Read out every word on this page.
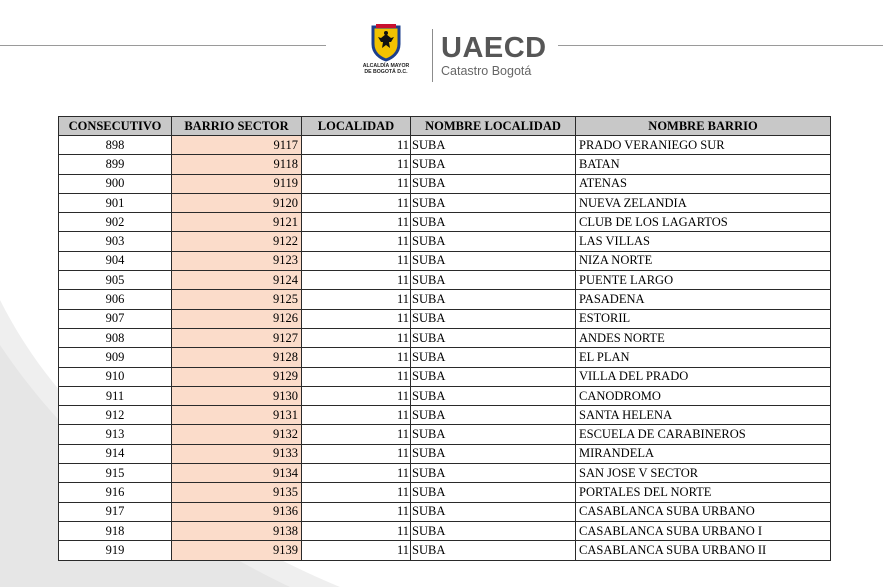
ALCALDÍA MAYOR
DE BOGOTÁ D.C.
UAECD
Catastro Bogotá
CONSECUTIVO	BARRIO SECTOR	LOCALIDAD	NOMBRE LOCALIDAD	NOMBRE BARRIO
898	9117	11	SUBA	PRADO VERANIEGO SUR
899	9118	11	SUBA	BATAN
900	9119	11	SUBA	ATENAS
901	9120	11	SUBA	NUEVA ZELANDIA
902	9121	11	SUBA	CLUB DE LOS LAGARTOS
903	9122	11	SUBA	LAS VILLAS
904	9123	11	SUBA	NIZA NORTE
905	9124	11	SUBA	PUENTE LARGO
906	9125	11	SUBA	PASADENA
907	9126	11	SUBA	ESTORIL
908	9127	11	SUBA	ANDES NORTE
909	9128	11	SUBA	EL PLAN
910	9129	11	SUBA	VILLA DEL PRADO
911	9130	11	SUBA	CANODROMO
912	9131	11	SUBA	SANTA HELENA
913	9132	11	SUBA	ESCUELA DE CARABINEROS
914	9133	11	SUBA	MIRANDELA
915	9134	11	SUBA	SAN JOSE V SECTOR
916	9135	11	SUBA	PORTALES DEL NORTE
917	9136	11	SUBA	CASABLANCA SUBA URBANO
918	9138	11	SUBA	CASABLANCA SUBA URBANO I
919	9139	11	SUBA	CASABLANCA SUBA URBANO II
